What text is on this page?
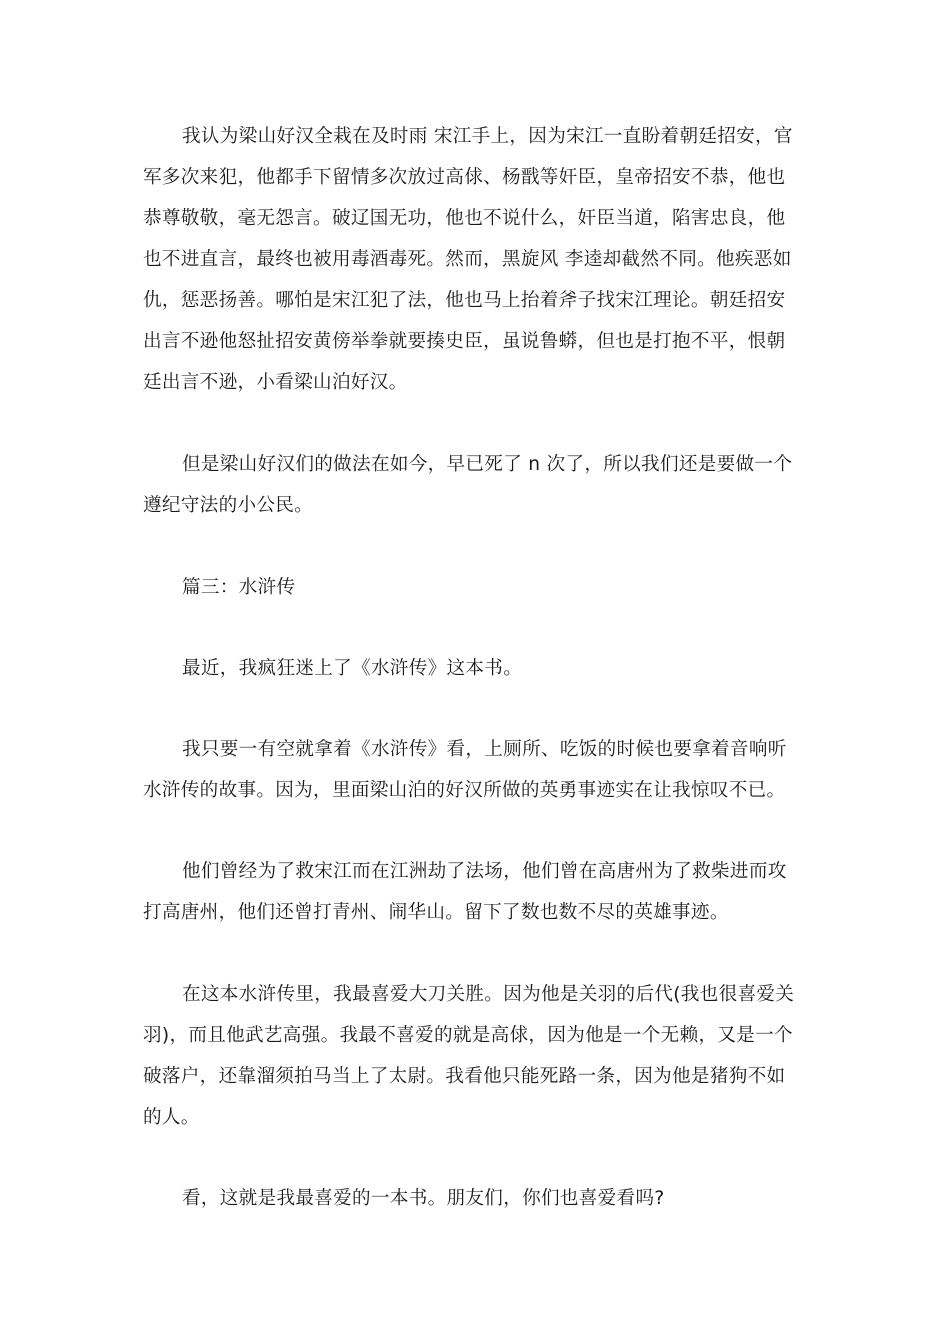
我认为梁山好汉全栽在及时雨 宋江手上，因为宋江一直盼着朝廷招安，官
军多次来犯，他都手下留情多次放过高俅、杨戬等奸臣，皇帝招安不恭，他也
恭尊敬敬，毫无怨言。破辽国无功，他也不说什么，奸臣当道，陷害忠良，他
也不进直言，最终也被用毒酒毒死。然而，黑旋风 李逵却截然不同。他疾恶如
仇，惩恶扬善。哪怕是宋江犯了法，他也马上抬着斧子找宋江理论。朝廷招安
出言不逊他怒扯招安黄傍举拳就要揍史臣，虽说鲁蟒，但也是打抱不平，恨朝
廷出言不逊，小看梁山泊好汉。

但是梁山好汉们的做法在如今，早已死了 n 次了，所以我们还是要做一个
遵纪守法的小公民。

篇三：水浒传

最近，我疯狂迷上了《水浒传》这本书。

我只要一有空就拿着《水浒传》看，上厕所、吃饭的时候也要拿着音响听
水浒传的故事。因为，里面梁山泊的好汉所做的英勇事迹实在让我惊叹不已。

他们曾经为了救宋江而在江洲劫了法场，他们曾在高唐州为了救柴进而攻
打高唐州，他们还曾打青州、闹华山。留下了数也数不尽的英雄事迹。

在这本水浒传里，我最喜爱大刀关胜。因为他是关羽的后代(我也很喜爱关
羽)，而且他武艺高强。我最不喜爱的就是高俅，因为他是一个无赖，又是一个
破落户，还靠溜须拍马当上了太尉。我看他只能死路一条，因为他是猪狗不如
的人。

看，这就是我最喜爱的一本书。朋友们，你们也喜爱看吗?
